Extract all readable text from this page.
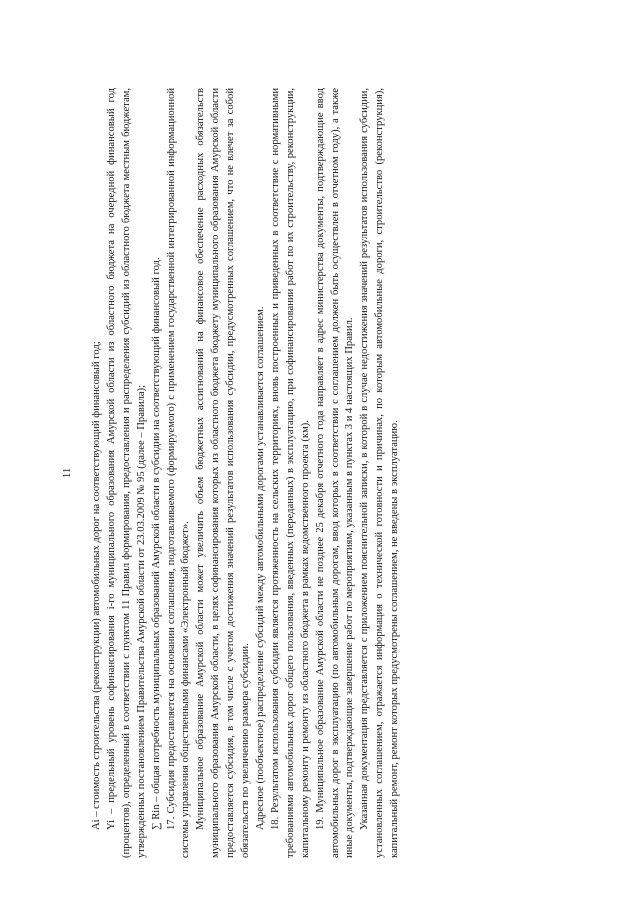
11 Ai – стоимость строительства (реконструкции) автомобильных дорог на соответствующий финансовый год; Yi – предельный уровень софинансирования i-го муниципального образования Амурской области из областного бюджета на очередной финансовый год (процентов), определенный в соответствии с пунктом 11 Правил формирования, предоставления и распределения субсидий из областного бюджета местным бюджетам, утвержденных постановлением Правительства Амурской области от 23.03.2009 № 95 (далее – Правила); ∑ Rin – общая потребность муниципальных образований Амурской области в субсидии на соответствующий финансовый год. 17. Субсидия предоставляется на основании соглашения, подготавливаемого (формируемого) с применением государственной интегрированной информационной системы управления общественными финансами «Электронный бюджет». Муниципальное образование Амурской области может увеличить объем бюджетных ассигнований на финансовое обеспечение расходных обязательств муниципального образования Амурской области, в целях софинансирования которых из областного бюджета бюджету муниципального образования Амурской области предоставляется субсидия, в том числе с учетом достижения значений результатов использования субсидии, предусмотренных соглашением, что не влечет за собой обязательств по увеличению размера субсидии. Адресное (пообъектное) распределение субсидий между автомобильными дорогами устанавливается соглашением. 18. Результатом использования субсидии является протяженность на сельских территориях, вновь построенных и приведенных в соответствие с нормативными требованиями автомобильных дорог общего пользования, введенных (переданных) в эксплуатацию, при софинансировании работ по их строительству, реконструкции, капитальному ремонту и ремонту из областного бюджета в рамках ведомственного проекта (км). 19. Муниципальное образование Амурской области не позднее 25 декабря отчетного года направляет в адрес министерства документы, подтверждающие ввод автомобильных дорог в эксплуатацию (по автомобильным дорогам, ввод которых в соответствии с соглашением должен быть осуществлен в отчетном году), а также иные документы, подтверждающие завершение работ по мероприятиям, указанным в пунктах 3 и 4 настоящих Правил. Указанная документация представляется с приложением пояснительной записки, в которой в случае недостижения значений результатов использования субсидии, установленных соглашением, отражается информация о технической готовности и причинах, по которым автомобильные дороги, строительство (реконструкция), капитальный ремонт, ремонт которых предусмотрены соглашением, не введены в эксплуатацию.
